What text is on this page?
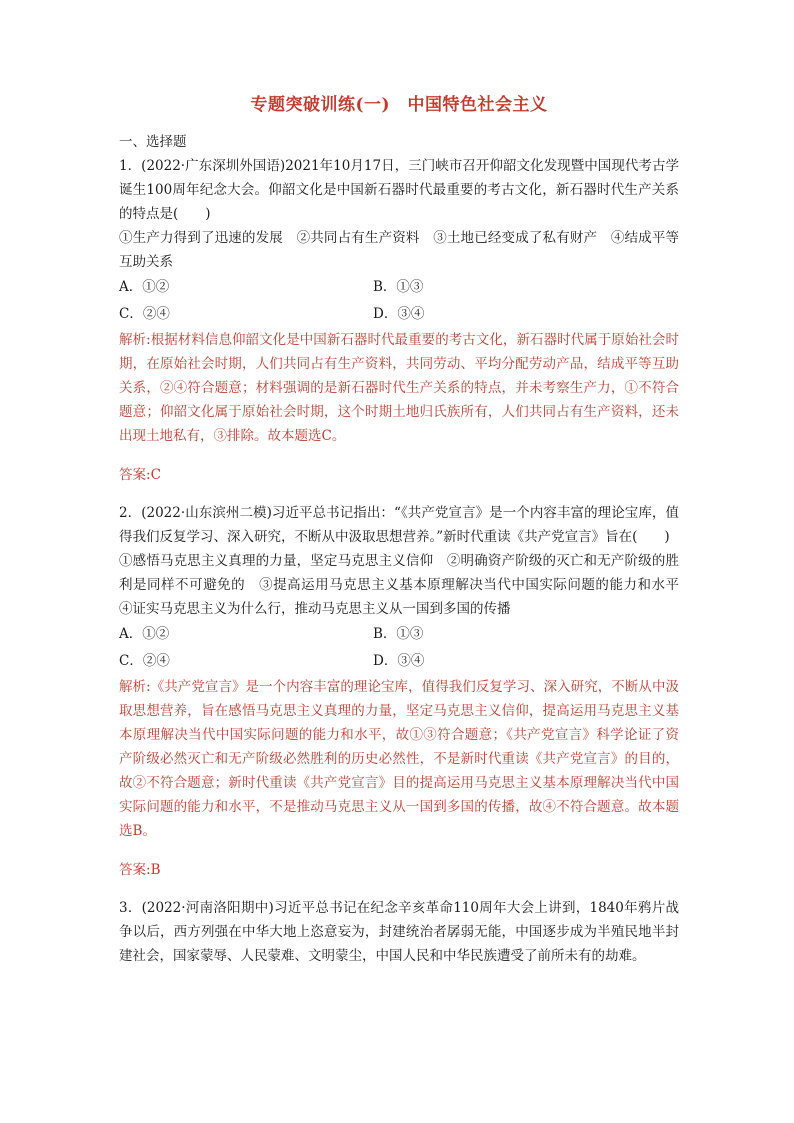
专题突破训练(一)　中国特色社会主义

一、选择题

1．(2022·广东深圳外国语)2021年10月17日，三门峡市召开仰韶文化发现暨中国现代考古学诞生100周年纪念大会。仰韶文化是中国新石器时代最重要的考古文化，新石器时代生产关系的特点是(　　)

①生产力得到了迅速的发展　②共同占有生产资料　③土地已经变成了私有财产　④结成平等互助关系

A．①②	B．①③
C．②④	D．③④

解析:根据材料信息仰韶文化是中国新石器时代最重要的考古文化，新石器时代属于原始社会时期，在原始社会时期，人们共同占有生产资料，共同劳动、平均分配劳动产品，结成平等互助关系，②④符合题意；材料强调的是新石器时代生产关系的特点，并未考察生产力，①不符合题意；仰韶文化属于原始社会时期，这个时期土地归氏族所有，人们共同占有生产资料，还未出现土地私有，③排除。故本题选C。

答案:C

2．(2022·山东滨州二模)习近平总书记指出：“《共产党宣言》是一个内容丰富的理论宝库，值得我们反复学习、深入研究，不断从中汲取思想营养。”新时代重读《共产党宣言》旨在(　　)

①感悟马克思主义真理的力量，坚定马克思主义信仰　②明确资产阶级的灭亡和无产阶级的胜利是同样不可避免的　③提高运用马克思主义基本原理解决当代中国实际问题的能力和水平　④证实马克思主义为什么行，推动马克思主义从一国到多国的传播

A．①②	B．①③
C．②④	D．③④

解析:《共产党宣言》是一个内容丰富的理论宝库，值得我们反复学习、深入研究，不断从中汲取思想营养，旨在感悟马克思主义真理的力量，坚定马克思主义信仰，提高运用马克思主义基本原理解决当代中国实际问题的能力和水平，故①③符合题意；《共产党宣言》科学论证了资产阶级必然灭亡和无产阶级必然胜利的历史必然性，不是新时代重读《共产党宣言》的目的，故②不符合题意；新时代重读《共产党宣言》目的提高运用马克思主义基本原理解决当代中国实际问题的能力和水平，不是推动马克思主义从一国到多国的传播，故④不符合题意。故本题选B。

答案:B

3．(2022·河南洛阳期中)习近平总书记在纪念辛亥革命110周年大会上讲到，1840年鸦片战争以后，西方列强在中华大地上恣意妄为，封建统治者孱弱无能，中国逐步成为半殖民地半封建社会，国家蒙辱、人民蒙难、文明蒙尘，中国人民和中华民族遭受了前所未有的劫难。
